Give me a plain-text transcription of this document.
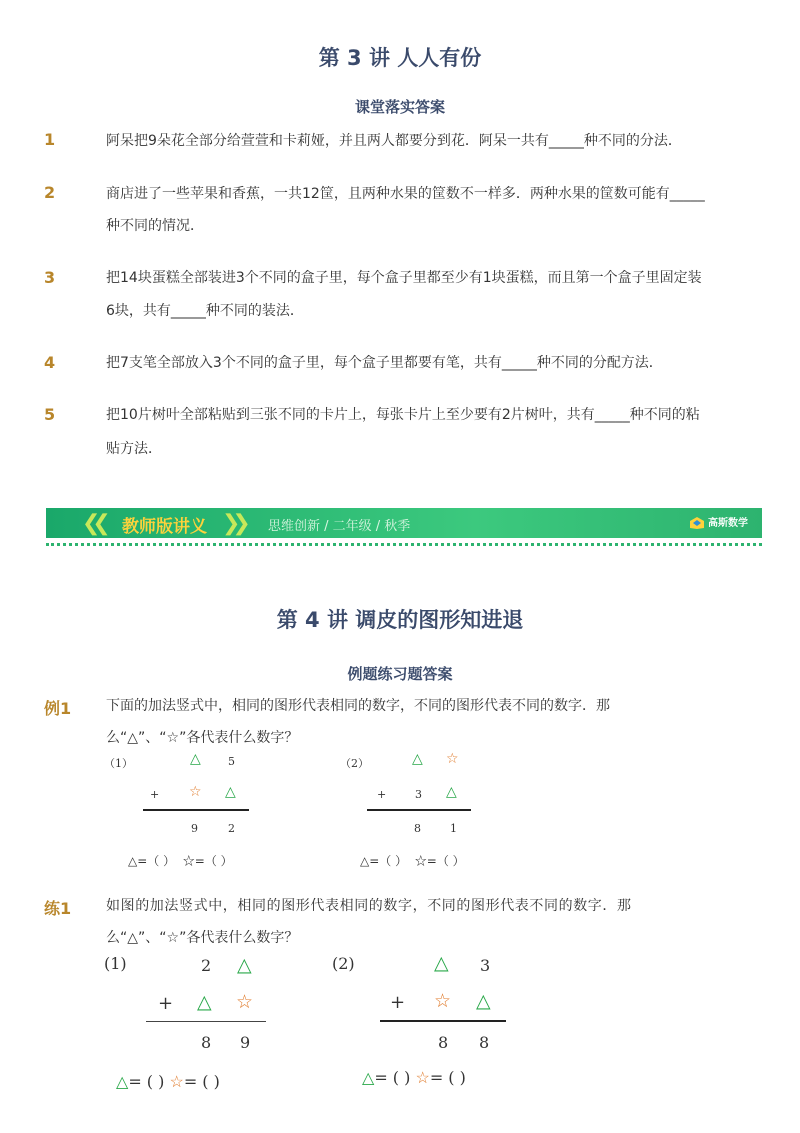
第 3 讲 人人有份
课堂落实答案
1	阿呆把9朵花全部分给萱萱和卡莉娅，并且两人都要分到花．阿呆一共有_____种不同的分法．
2	商店进了一些苹果和香蕉，一共12筐，且两种水果的筐数不一样多．两种水果的筐数可能有_____
种不同的情况．
3	把14块蛋糕全部装进3个不同的盒子里，每个盒子里都至少有1块蛋糕，而且第一个盒子里固定装
6块，共有_____种不同的装法．
4	把7支笔全部放入3个不同的盒子里，每个盒子里都要有笔，共有_____种不同的分配方法．
5	把10片树叶全部粘贴到三张不同的卡片上，每张卡片上至少要有2片树叶，共有_____种不同的粘
贴方法．
❮❮ 教师版讲义 ❯❯ 思维创新 / 二年级 / 秋季	高斯数学
第 4 讲 调皮的图形知进退
例题练习题答案
例1 下面的加法竖式中，相同的图形代表相同的数字，不同的图形代表不同的数字．那
么“△”、“☆”各代表什么数字？
（1）	△ 5
+ ☆ △
9	2
△=（ ） ☆=（ ）
（2）	△ ☆
+	3 △
8	1
△=（ ） ☆=（ ）
练1 如图的加法竖式中，相同的图形代表相同的数字，不同的图形代表不同的数字．那
么“△”、“☆”各代表什么数字？
(1)	2 △
+ △ ☆
8 9
△= ( ) ☆= ( )
(2)	△ 3
+ ☆ △
8 8
△= ( ) ☆= ( )
